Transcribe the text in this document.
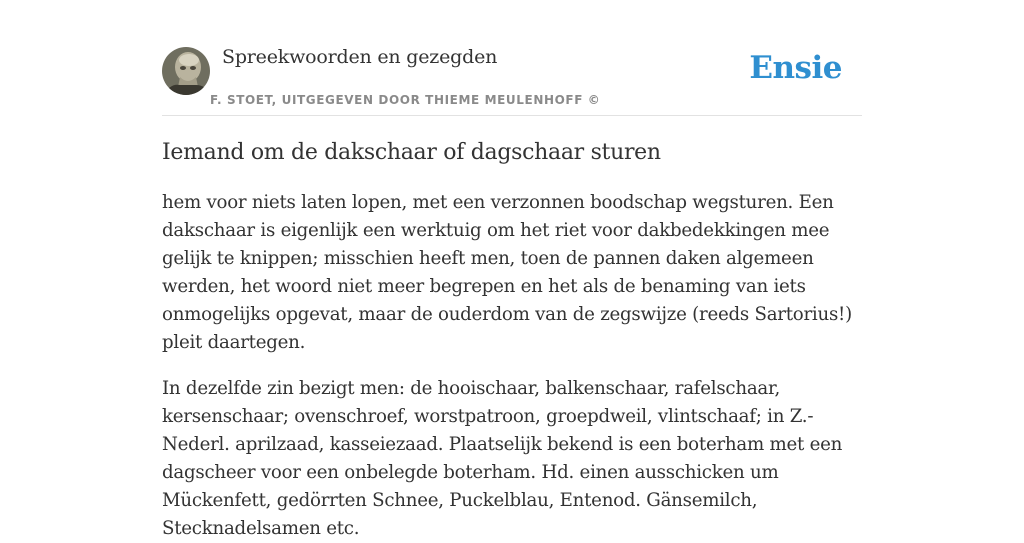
Spreekwoorden en gezegden
F. STOET, UITGEGEVEN DOOR THIEME MEULENHOFF ©
Ensie
Iemand om de dakschaar of dagschaar sturen

hem voor niets laten lopen, met een verzonnen boodschap wegsturen. Een dakschaar is eigenlijk een werktuig om het riet voor dakbedekkingen mee gelijk te knippen; misschien heeft men, toen de pannen daken algemeen werden, het woord niet meer begrepen en het als de benaming van iets onmogelijks opgevat, maar de ouderdom van de zegswijze (reeds Sartorius!) pleit daartegen.

In dezelfde zin bezigt men: de hooischaar, balkenschaar, rafelschaar, kersenschaar; ovenschroef, worstpatroon, groepdweil, vlintschaaf; in Z.-Nederl. aprilzaad, kasseiezaad. Plaatselijk bekend is een boterham met een dagscheer voor een onbelegde boterham. Hd. einen ausschicken um Mückenfett, gedörrten Schnee, Puckelblau, Entenod. Gänsemilch, Stecknadelsamen etc.
